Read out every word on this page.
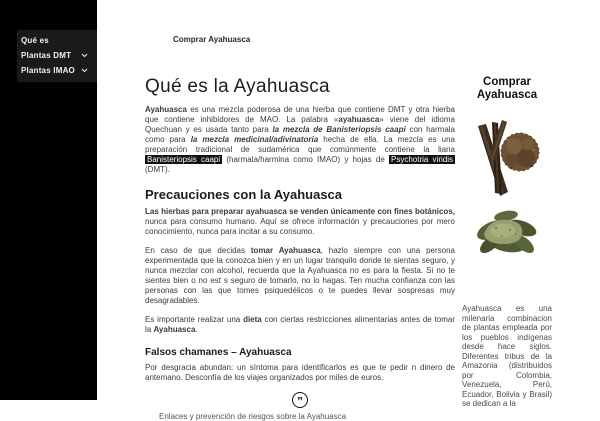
Qué es
Plantas DMT
Plantas IMAO
Comprar Ayahuasca
Qué es la Ayahuasca

Ayahuasca es una mezcla poderosa de una hierba que contiene DMT y otra hierba que contiene inhibidores de MAO. La palabra «ayahuasca» viene del idioma Quechuan y es usada tanto para la mezcla de Banisteriopsis caapi con harmala como para la mezcla medicinal/adivinatoria hecha de ella. La mezcla es una preparación tradicional de sudamérica que comúnmente contiene la liana Banisteriopsis caapi (harmala/harmina como IMAO) y hojas de Psychotria viridis (DMT).

Precauciones con la Ayahuasca

Las hierbas para preparar ayahuasca se venden únicamente con fines botánicos, nunca para consumo humano. Aquí se ofrece información y precauciones por mero conocimiento, nunca para incitar a su consumo.

En caso de que decidas tomar Ayahuasca, hazlo siempre con una persona experimentada que la conozca bien y en un lugar tranquilo donde te sientas seguro, y nunca mezclar con alcohol, recuerda que la Ayahuasca no es para la fiesta. Si no te sientes bien o no est s seguro de tomarlo, no lo hagas. Ten mucha confianza con las personas con las que tomes psiquedélicos o te puedes llevar sospresas muy desagradables.

Es importante realizar una dieta con ciertas restricciones alimentarias antes de tomar la Ayahuasca.

Falsos chamanes – Ayahuasca

Por desgracia abundan: un síntoma para identificarlos es que te pedir n dinero de antemano. Desconfía de los viajes organizados por miles de euros.

”
Enlaces y prevención de riesgos sobre la Ayahuasca
Comprar Ayahuasca

Ayahuasca es una milenaria combinacion de plantas empleada por los pueblos indígenas desde hace siglos. Diferentes tribus de la Amazonia (distribuidos por Colombia, Venezuela, Perú, Ecuador, Bolivia y Brasil) se dedican a la
